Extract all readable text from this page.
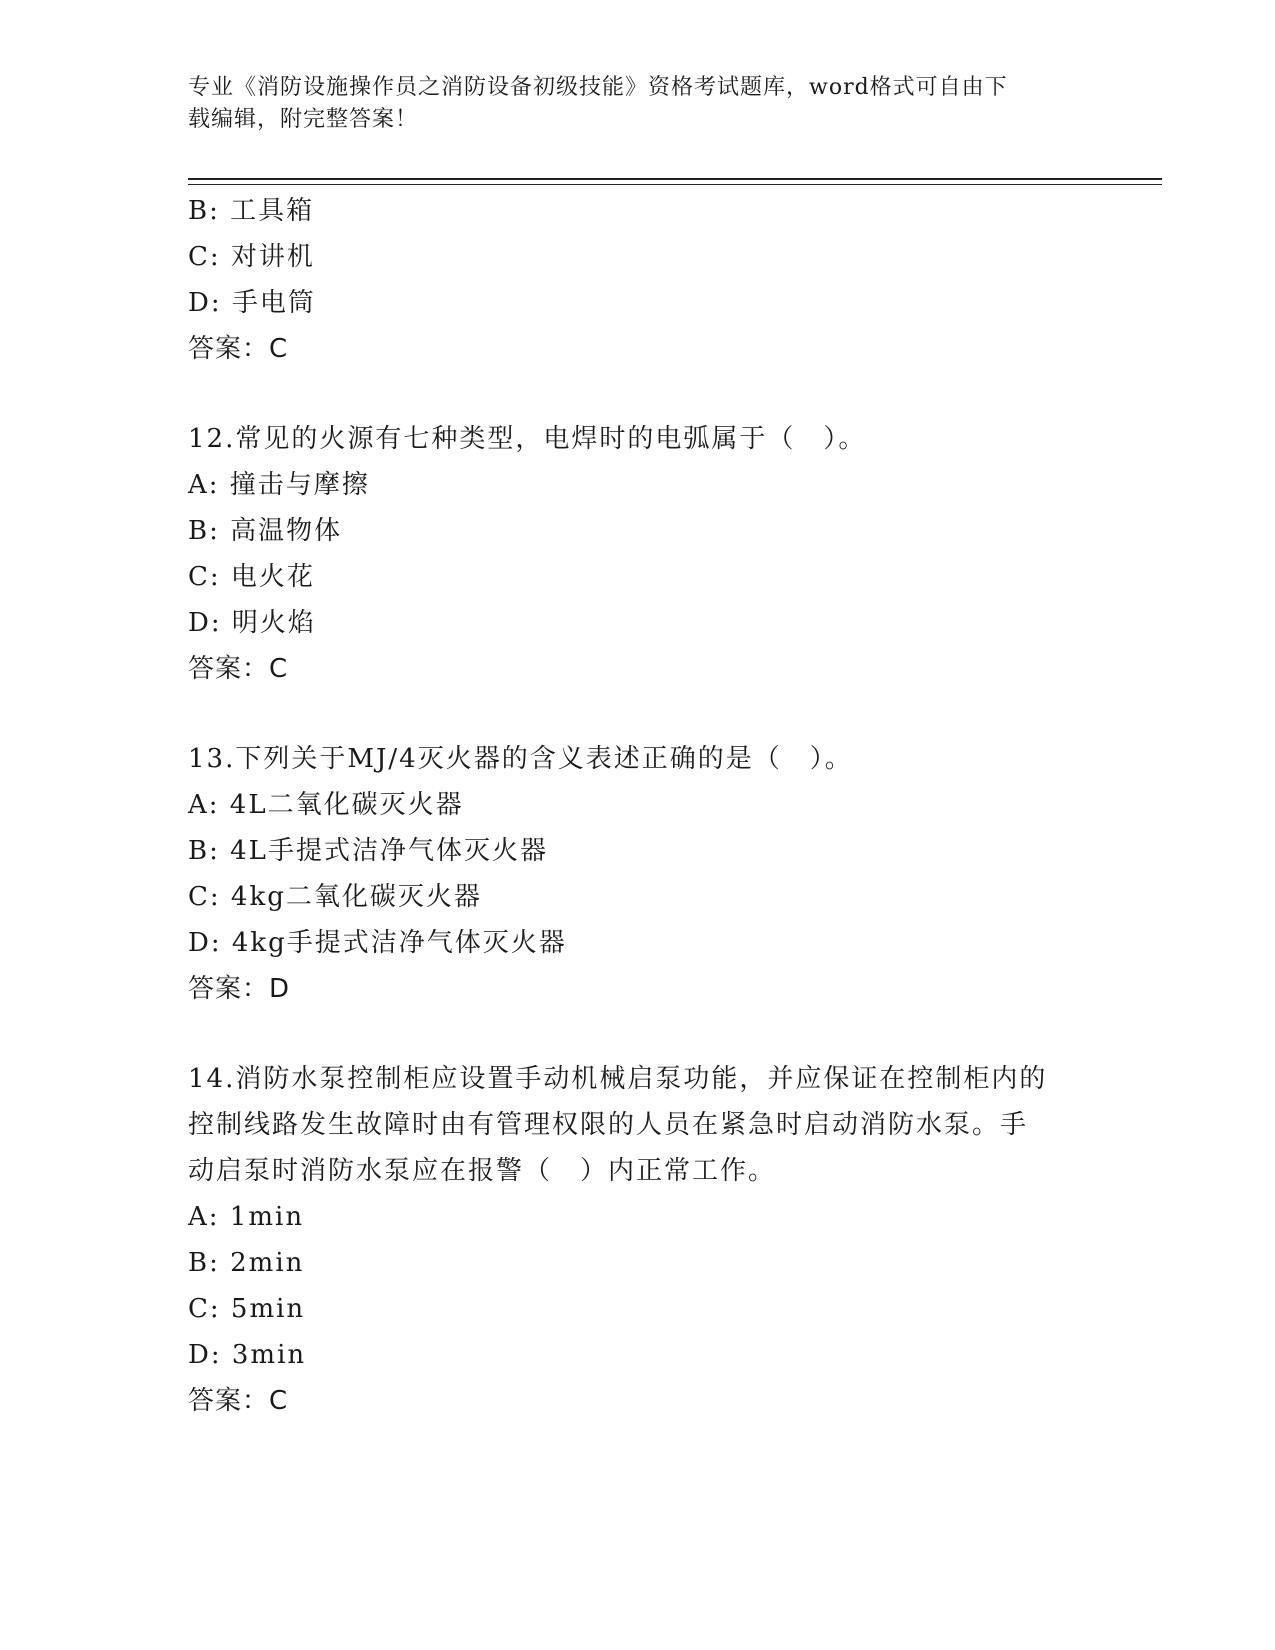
专业《消防设施操作员之消防设备初级技能》资格考试题库，word格式可自由下
载编辑，附完整答案！
B: 工具箱
C: 对讲机
D: 手电筒
答案：C
12.常见的火源有七种类型，电焊时的电弧属于（　）。
A: 撞击与摩擦
B: 高温物体
C: 电火花
D: 明火焰
答案：C
13.下列关于MJ/4灭火器的含义表述正确的是（　）。
A: 4L二氧化碳灭火器
B: 4L手提式洁净气体灭火器
C: 4kg二氧化碳灭火器
D: 4kg手提式洁净气体灭火器
答案：D
14.消防水泵控制柜应设置手动机械启泵功能，并应保证在控制柜内的
控制线路发生故障时由有管理权限的人员在紧急时启动消防水泵。手
动启泵时消防水泵应在报警（　）内正常工作。
A: 1min
B: 2min
C: 5min
D: 3min
答案：C
